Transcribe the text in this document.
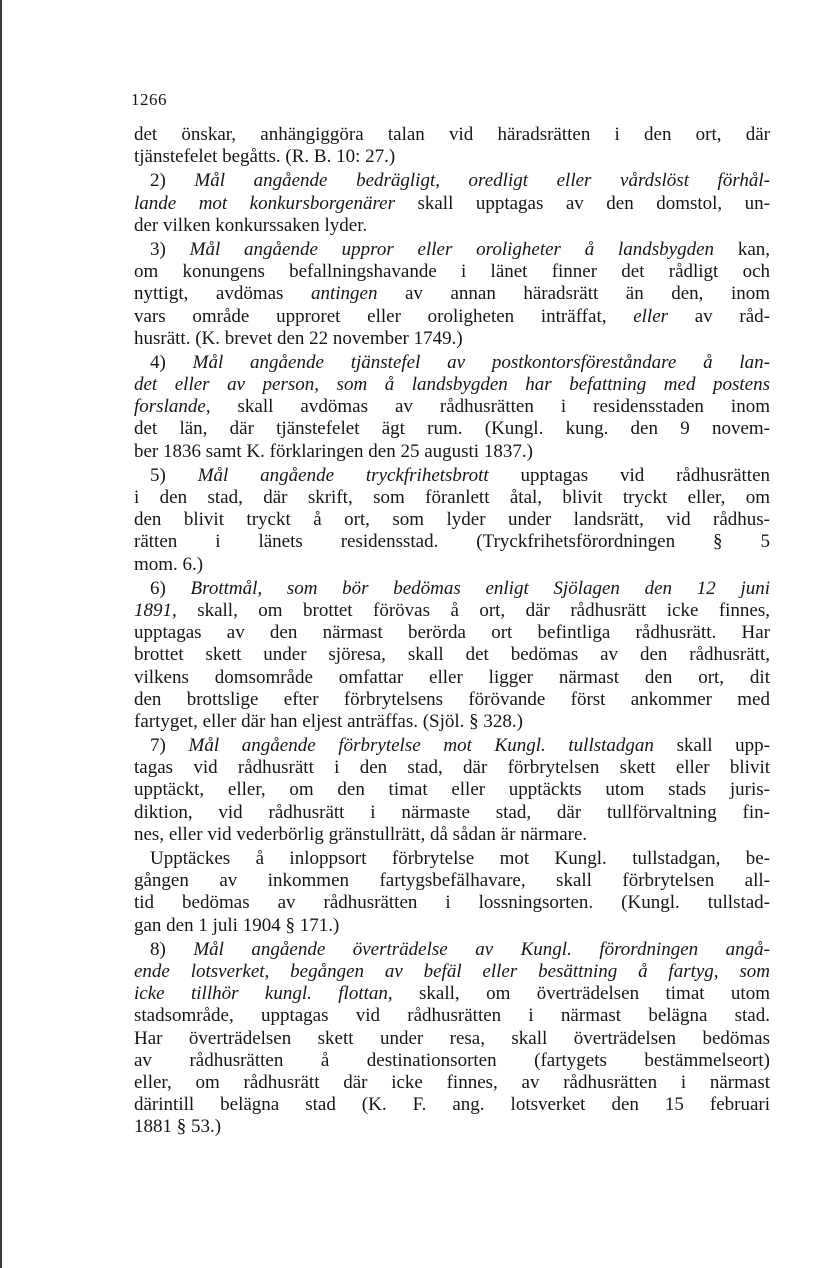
1266
det önskar, anhängiggöra talan vid häradsrätten i den ort, där
tjänstefelet begåtts. (R. B. 10: 27.)
2) Mål angående bedrägligt, oredligt eller vårdslöst förhål-
lande mot konkursborgenärer skall upptagas av den domstol, un-
der vilken konkurssaken lyder.
3) Mål angående uppror eller oroligheter å landsbygden kan,
om konungens befallningshavande i länet finner det rådligt och
nyttigt, avdömas antingen av annan häradsrätt än den, inom
vars område upproret eller oroligheten inträffat, eller av råd-
husrätt. (K. brevet den 22 november 1749.)
4) Mål angående tjänstefel av postkontorsföreståndare å lan-
det eller av person, som å landsbygden har befattning med postens
forslande, skall avdömas av rådhusrätten i residensstaden inom
det län, där tjänstefelet ägt rum. (Kungl. kung. den 9 novem-
ber 1836 samt K. förklaringen den 25 augusti 1837.)
5) Mål angående tryckfrihetsbrott upptagas vid rådhusrätten
i den stad, där skrift, som föranlett åtal, blivit tryckt eller, om
den blivit tryckt å ort, som lyder under landsrätt, vid rådhus-
rätten i länets residensstad. (Tryckfrihetsförordningen § 5
mom. 6.)
6) Brottmål, som bör bedömas enligt Sjölagen den 12 juni
1891, skall, om brottet förövas å ort, där rådhusrätt icke finnes,
upptagas av den närmast berörda ort befintliga rådhusrätt. Har
brottet skett under sjöresa, skall det bedömas av den rådhusrätt,
vilkens domsområde omfattar eller ligger närmast den ort, dit
den brottslige efter förbrytelsens förövande först ankommer med
fartyget, eller där han eljest anträffas. (Sjöl. § 328.)
7) Mål angående förbrytelse mot Kungl. tullstadgan skall upp-
tagas vid rådhusrätt i den stad, där förbrytelsen skett eller blivit
upptäckt, eller, om den timat eller upptäckts utom stads juris-
diktion, vid rådhusrätt i närmaste stad, där tullförvaltning fin-
nes, eller vid vederbörlig gränstullrätt, då sådan är närmare.
Upptäckes å inloppsort förbrytelse mot Kungl. tullstadgan, be-
gången av inkommen fartygsbefälhavare, skall förbrytelsen all-
tid bedömas av rådhusrätten i lossningsorten. (Kungl. tullstad-
gan den 1 juli 1904 § 171.)
8) Mål angående överträdelse av Kungl. förordningen angå-
ende lotsverket, begången av befäl eller besättning å fartyg, som
icke tillhör kungl. flottan, skall, om överträdelsen timat utom
stadsområde, upptagas vid rådhusrätten i närmast belägna stad.
Har överträdelsen skett under resa, skall överträdelsen bedömas
av rådhusrätten å destinationsorten (fartygets bestämmelseort)
eller, om rådhusrätt där icke finnes, av rådhusrätten i närmast
därintill belägna stad (K. F. ang. lotsverket den 15 februari
1881 § 53.)
